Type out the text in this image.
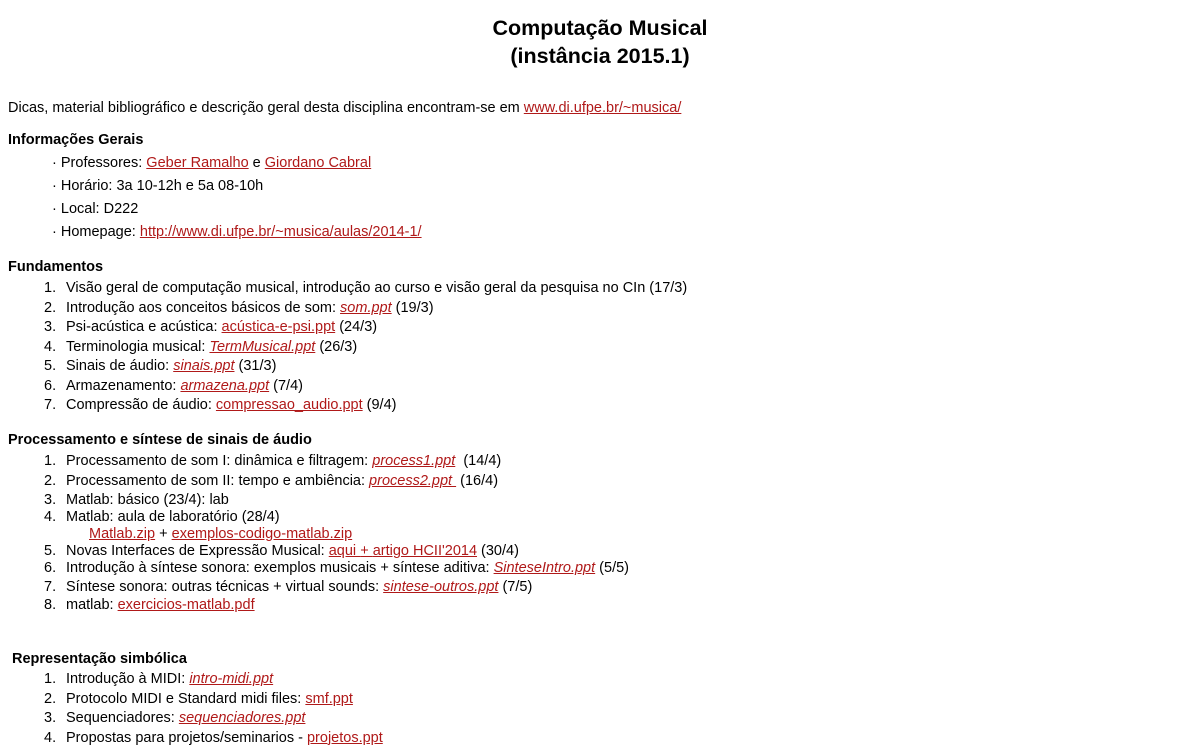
Computação Musical
(instância 2015.1)
Dicas, material bibliográfico e descrição geral desta disciplina encontram-se em www.di.ufpe.br/~musica/
Informações Gerais
· Professores: Geber Ramalho e Giordano Cabral
· Horário: 3a 10-12h e 5a 08-10h
· Local: D222
· Homepage: http://www.di.ufpe.br/~musica/aulas/2014-1/
Fundamentos
1. Visão geral de computação musical, introdução ao curso e visão geral da pesquisa no CIn (17/3)
2. Introdução aos conceitos básicos de som: som.ppt (19/3)
3. Psi-acústica e acústica: acústica-e-psi.ppt (24/3)
4. Terminologia musical: TermMusical.ppt (26/3)
5. Sinais de áudio: sinais.ppt (31/3)
6. Armazenamento: armazena.ppt (7/4)
7. Compressão de áudio: compressao_audio.ppt (9/4)
Processamento e síntese de sinais de áudio
1. Processamento de som I: dinâmica e filtragem: process1.ppt  (14/4)
2. Processamento de som II: tempo e ambiência: process2.ppt  (16/4)
3. Matlab: básico (23/4): lab
4. Matlab: aula de laboratório (28/4)
Matlab.zip + exemplos-codigo-matlab.zip
5. Novas Interfaces de Expressão Musical: aqui + artigo HCII'2014 (30/4)
6. Introdução à síntese sonora: exemplos musicais + síntese aditiva: SinteseIntro.ppt (5/5)
7. Síntese sonora: outras técnicas + virtual sounds: sintese-outros.ppt (7/5)
8. matlab: exercicios-matlab.pdf
Representação simbólica
1. Introdução à MIDI: intro-midi.ppt
2. Protocolo MIDI e Standard midi files: smf.ppt
3. Sequenciadores: sequenciadores.ppt
4. Propostas para projetos/seminarios - projetos.ppt
